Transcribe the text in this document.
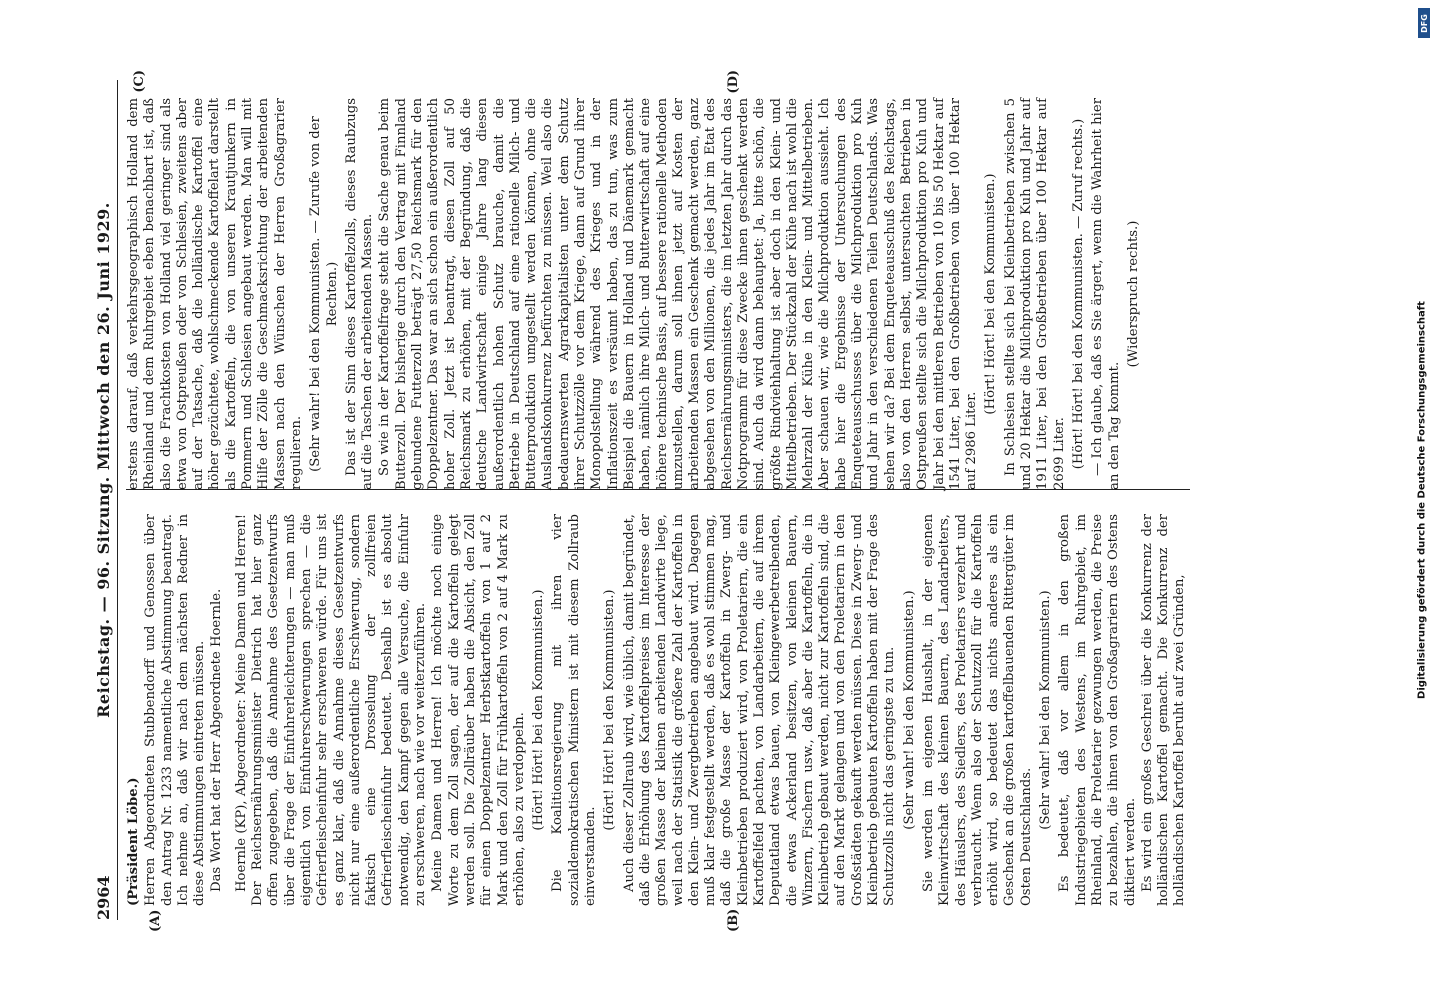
2964
Reichstag. — 96. Sitzung. Mittwoch den 26. Juni 1929.
(A)	(B)

(Präsident Löbe.) Herren Abgeordneten Stubbendorff und Genossen über den Antrag Nr. 1233 namentliche Abstimmung beantragt. Ich nehme an, daß wir nach dem nächsten Redner in diese Abstimmungen eintreten müssen. Das Wort hat der Herr Abgeordnete Hoernle. Hoernle (KP), Abgeordneter: Meine Damen und Herren! Der Reichsernährungsminister Dietrich hat hier ganz offen zugegeben, daß die Annahme des Gesetzentwurfs über die Frage der Einfuhrerleichterungen — man muß eigentlich von Einfuhrerschwerungen sprechen — die Gefrierfleischeinfuhr sehr erschweren würde. Für uns ist es ganz klar, daß die Annahme dieses Gesetzentwurfs nicht nur eine außerordentliche Erschwerung, sondern faktisch eine Drosselung der zollfreien Gefrierfleischeinfuhr bedeutet. Deshalb ist es absolut notwendig, den Kampf gegen alle Versuche, die Einfuhr zu erschweren, nach wie vor weiterzuführen. Meine Damen und Herren! Ich möchte noch einige Worte zu dem Zoll sagen, der auf die Kartoffeln gelegt werden soll. Die Zollräuber haben die Absicht, den Zoll für einen Doppelzentner Herbstkartoffeln von 1 auf 2 Mark und den Zoll für Frühkartoffeln von 2 auf 4 Mark zu erhöhen, also zu verdoppeln. (Hört! Hört! bei den Kommunisten.) Die Koalitionsregierung mit ihren vier sozialdemokratischen Ministern ist mit diesem Zollraub einverstanden.

(Hört! Hört! bei den Kommunisten.) Auch dieser Zollraub wird, wie üblich, damit begründet, daß die Erhöhung des Kartoffelpreises im Interesse der großen Masse der kleinen arbeitenden Landwirte liege, weil nach der Statistik die größere Zahl der Kartoffeln in den Klein- und Zwergbetrieben angebaut wird. Dagegen muß klar festgestellt werden, daß es wohl stimmen mag, daß die große Masse der Kartoffeln in Zwerg- und Kleinbetrieben produziert wird, von Proletariern, die ein Kartoffelfeld pachten, von Landarbeitern, die auf ihrem Deputatland etwas bauen, von Kleingewerbetreibenden, die etwas Ackerland besitzen, von kleinen Bauern, Winzern, Fischern usw., daß aber die Kartoffeln, die in Kleinbetrieb gebaut werden, nicht zur Kartoffeln sind, die auf den Markt gelangen und von den Proletariern in den Großstädten gekauft werden müssen. Diese in Zwerg- und Kleinbetrieb gebauten Kartoffeln haben mit der Frage des Schutzzolls nicht das geringste zu tun. (Sehr wahr! bei den Kommunisten.) Sie werden im eigenen Haushalt, in der eigenen Kleinwirtschaft des kleinen Bauern, des Landarbeiters, des Häuslers, des Siedlers, des Proletariers verzehrt und verbraucht. Wenn also der Schutzzoll für die Kartoffeln erhöht wird, so bedeutet das nichts anderes als ein Geschenk an die großen kartoffelbauenden Rittergüter im Osten Deutschlands.

(Sehr wahr! bei den Kommunisten.) Es bedeutet, daß vor allem in den großen Industriegebieten des Westens, im Ruhrgebiet, im Rheinland, die Proletarier gezwungen werden, die Preise zu bezahlen, die ihnen von den Großagrariern des Ostens diktiert werden. Es wird ein großes Geschrei über die Konkurrenz der holländischen Kartoffel gemacht. Die Konkurrenz der holländischen Kartoffel beruht auf zwei Gründen,

(C)	(D)

erstens darauf, daß verkehrsgeographisch Holland dem Rheinland und dem Ruhrgebiet eben benachbart ist, daß also die Frachtkosten von Holland viel geringer sind als etwa von Ostpreußen oder von Schlesien, zweitens aber auf der Tatsache, daß die holländische Kartoffel eine höher gezüchtete, wohlschmeckende Kartoffelart darstellt als die Kartoffeln, die von unseren Krautjunkern in Pommern und Schlesien angebaut werden. Man will mit Hilfe der Zölle die Geschmacksrichtung der arbeitenden Massen nach den Wünschen der Herren Großagrarier regulieren. (Sehr wahr! bei den Kommunisten. — Zurufe von der Rechten.) Das ist der Sinn dieses Kartoffelzolls, dieses Raubzugs auf die Taschen der arbeitenden Massen. So wie in der Kartoffelfrage steht die Sache genau beim Butterzoll. Der bisherige durch den Vertrag mit Finnland gebundene Futterzoll beträgt 27,50 Reichsmark für den Doppelzentner. Das war an sich schon ein außerordentlich hoher Zoll. Jetzt ist beantragt, diesen Zoll auf 50 Reichsmark zu erhöhen, mit der Begründung, daß die deutsche Landwirtschaft einige Jahre lang diesen außerordentlich hohen Schutz brauche, damit die Betriebe in Deutschland auf eine rationelle Milch- und Butterproduktion umgestellt werden können, ohne die Auslandskonkurrenz befürchten zu müssen. Weil also die bedauernswerten Agrarkapitalisten unter dem Schutz ihrer Schutzzölle vor dem Kriege, dann auf Grund ihrer Monopolstellung während des Krieges und in der Inflationszeit es versäumt haben, das zu tun, was zum Beispiel die Bauern in Holland und Dänemark gemacht haben, nämlich ihre Milch- und Butterwirtschaft auf eine höhere technische Basis, auf bessere rationelle Methoden umzustellen, darum soll ihnen jetzt auf Kosten der arbeitenden Massen ein Geschenk gemacht werden, ganz abgesehen von den Millionen, die jedes Jahr im Etat des Reichsernährungsministers, die im letzten Jahr durch das Notprogramm für diese Zwecke ihnen geschenkt werden sind. Auch da wird dann behauptet: Ja, bitte schön, die größte Rindviehhaltung ist aber doch in den Klein- und Mittelbetrieben. Der Stückzahl der Kühe nach ist wohl die Mehrzahl der Kühe in den Klein- und Mittelbetrieben. Aber schauen wir, wie die Milchproduktion aussieht. Ich habe hier die Ergebnisse der Untersuchungen des Enqueteausschusses über die Milchproduktion pro Kuh und Jahr in den verschiedenen Teilen Deutschlands. Was sehen wir da? Bei dem Enqueteausschuß des Reichstags, also von den Herren selbst, untersuchten Betrieben in Ostpreußen stellte sich die Milchproduktion pro Kuh und Jahr bei den mittleren Betrieben von 10 bis 50 Hektar auf 1541 Liter, bei den Großbetrieben von über 100 Hektar auf 2986 Liter.

(Hört! Hört! bei den Kommunisten.) In Schlesien stellte sich bei Kleinbetrieben zwischen 5 und 20 Hektar die Milchproduktion pro Kuh und Jahr auf 1911 Liter, bei den Großbetrieben über 100 Hektar auf 2699 Liter. (Hört! Hört! bei den Kommunisten. — Zuruf rechts.) — Ich glaube, daß es Sie ärgert, wenn die Wahrheit hier an den Tag kommt.

(Widerspruch rechts.)

DFG
Digitalisierung gefördert durch die Deutsche Forschungsgemeinschaft
